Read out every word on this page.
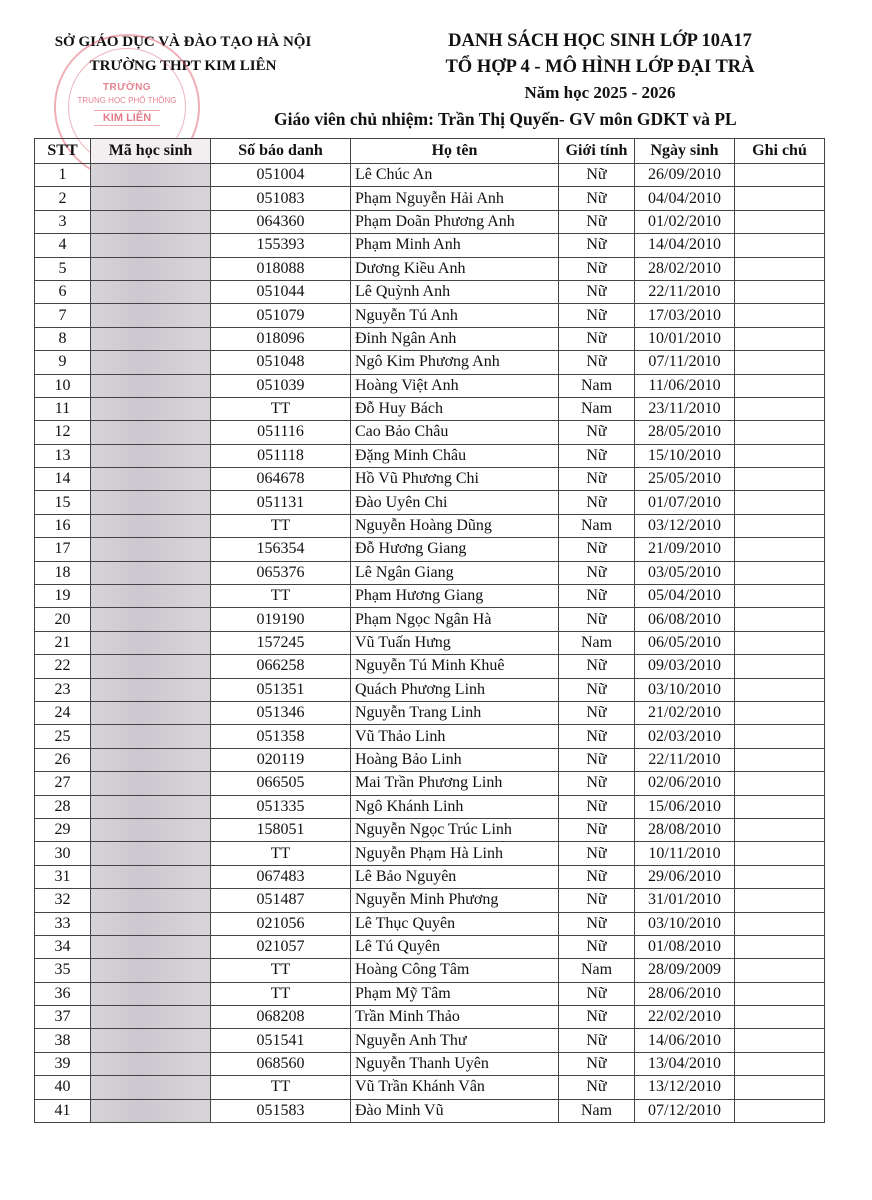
SỞ GIÁO DỤC VÀ ĐÀO TẠO HÀ NỘI
TRƯỜNG THPT KIM LIÊN
TRƯỜNG
TRUNG HỌC PHỔ THÔNG
KIM LIÊN
DANH SÁCH HỌC SINH LỚP 10A17
TỔ HỢP 4 - MÔ HÌNH LỚP ĐẠI TRÀ
Năm học 2025 - 2026
Giáo viên chủ nhiệm: Trần Thị Quyến- GV môn GDKT và PL
STT	Mã học sinh	Số báo danh	Họ tên	Giới tính	Ngày sinh	Ghi chú
1		051004	Lê Chúc An	Nữ	26/09/2010	
2		051083	Phạm Nguyễn Hải Anh	Nữ	04/04/2010	
3		064360	Phạm Doãn Phương Anh	Nữ	01/02/2010	
4		155393	Phạm Minh Anh	Nữ	14/04/2010	
5		018088	Dương Kiều Anh	Nữ	28/02/2010	
6		051044	Lê Quỳnh Anh	Nữ	22/11/2010	
7		051079	Nguyễn Tú Anh	Nữ	17/03/2010	
8		018096	Đinh Ngân Anh	Nữ	10/01/2010	
9		051048	Ngô Kim Phương Anh	Nữ	07/11/2010	
10		051039	Hoàng Việt Anh	Nam	11/06/2010	
11		TT	Đỗ Huy Bách	Nam	23/11/2010	
12		051116	Cao Bảo Châu	Nữ	28/05/2010	
13		051118	Đặng Minh Châu	Nữ	15/10/2010	
14		064678	Hồ Vũ Phương Chi	Nữ	25/05/2010	
15		051131	Đào Uyên Chi	Nữ	01/07/2010	
16		TT	Nguyễn Hoàng Dũng	Nam	03/12/2010	
17		156354	Đỗ Hương Giang	Nữ	21/09/2010	
18		065376	Lê Ngân Giang	Nữ	03/05/2010	
19		TT	Phạm Hương Giang	Nữ	05/04/2010	
20		019190	Phạm Ngọc Ngân Hà	Nữ	06/08/2010	
21		157245	Vũ Tuấn Hưng	Nam	06/05/2010	
22		066258	Nguyễn Tú Minh Khuê	Nữ	09/03/2010	
23		051351	Quách Phương Linh	Nữ	03/10/2010	
24		051346	Nguyễn Trang Linh	Nữ	21/02/2010	
25		051358	Vũ Thảo Linh	Nữ	02/03/2010	
26		020119	Hoàng Bảo Linh	Nữ	22/11/2010	
27		066505	Mai Trần Phương Linh	Nữ	02/06/2010	
28		051335	Ngô Khánh Linh	Nữ	15/06/2010	
29		158051	Nguyễn Ngọc Trúc Linh	Nữ	28/08/2010	
30		TT	Nguyễn Phạm Hà Linh	Nữ	10/11/2010	
31		067483	Lê Bảo Nguyên	Nữ	29/06/2010	
32		051487	Nguyễn Minh Phương	Nữ	31/01/2010	
33		021056	Lê Thục Quyên	Nữ	03/10/2010	
34		021057	Lê Tú Quyên	Nữ	01/08/2010	
35		TT	Hoàng Công Tâm	Nam	28/09/2009	
36		TT	Phạm Mỹ Tâm	Nữ	28/06/2010	
37		068208	Trần Minh Thảo	Nữ	22/02/2010	
38		051541	Nguyễn Anh Thư	Nữ	14/06/2010	
39		068560	Nguyễn Thanh Uyên	Nữ	13/04/2010	
40		TT	Vũ Trần Khánh Vân	Nữ	13/12/2010	
41		051583	Đào Minh Vũ	Nam	07/12/2010	
